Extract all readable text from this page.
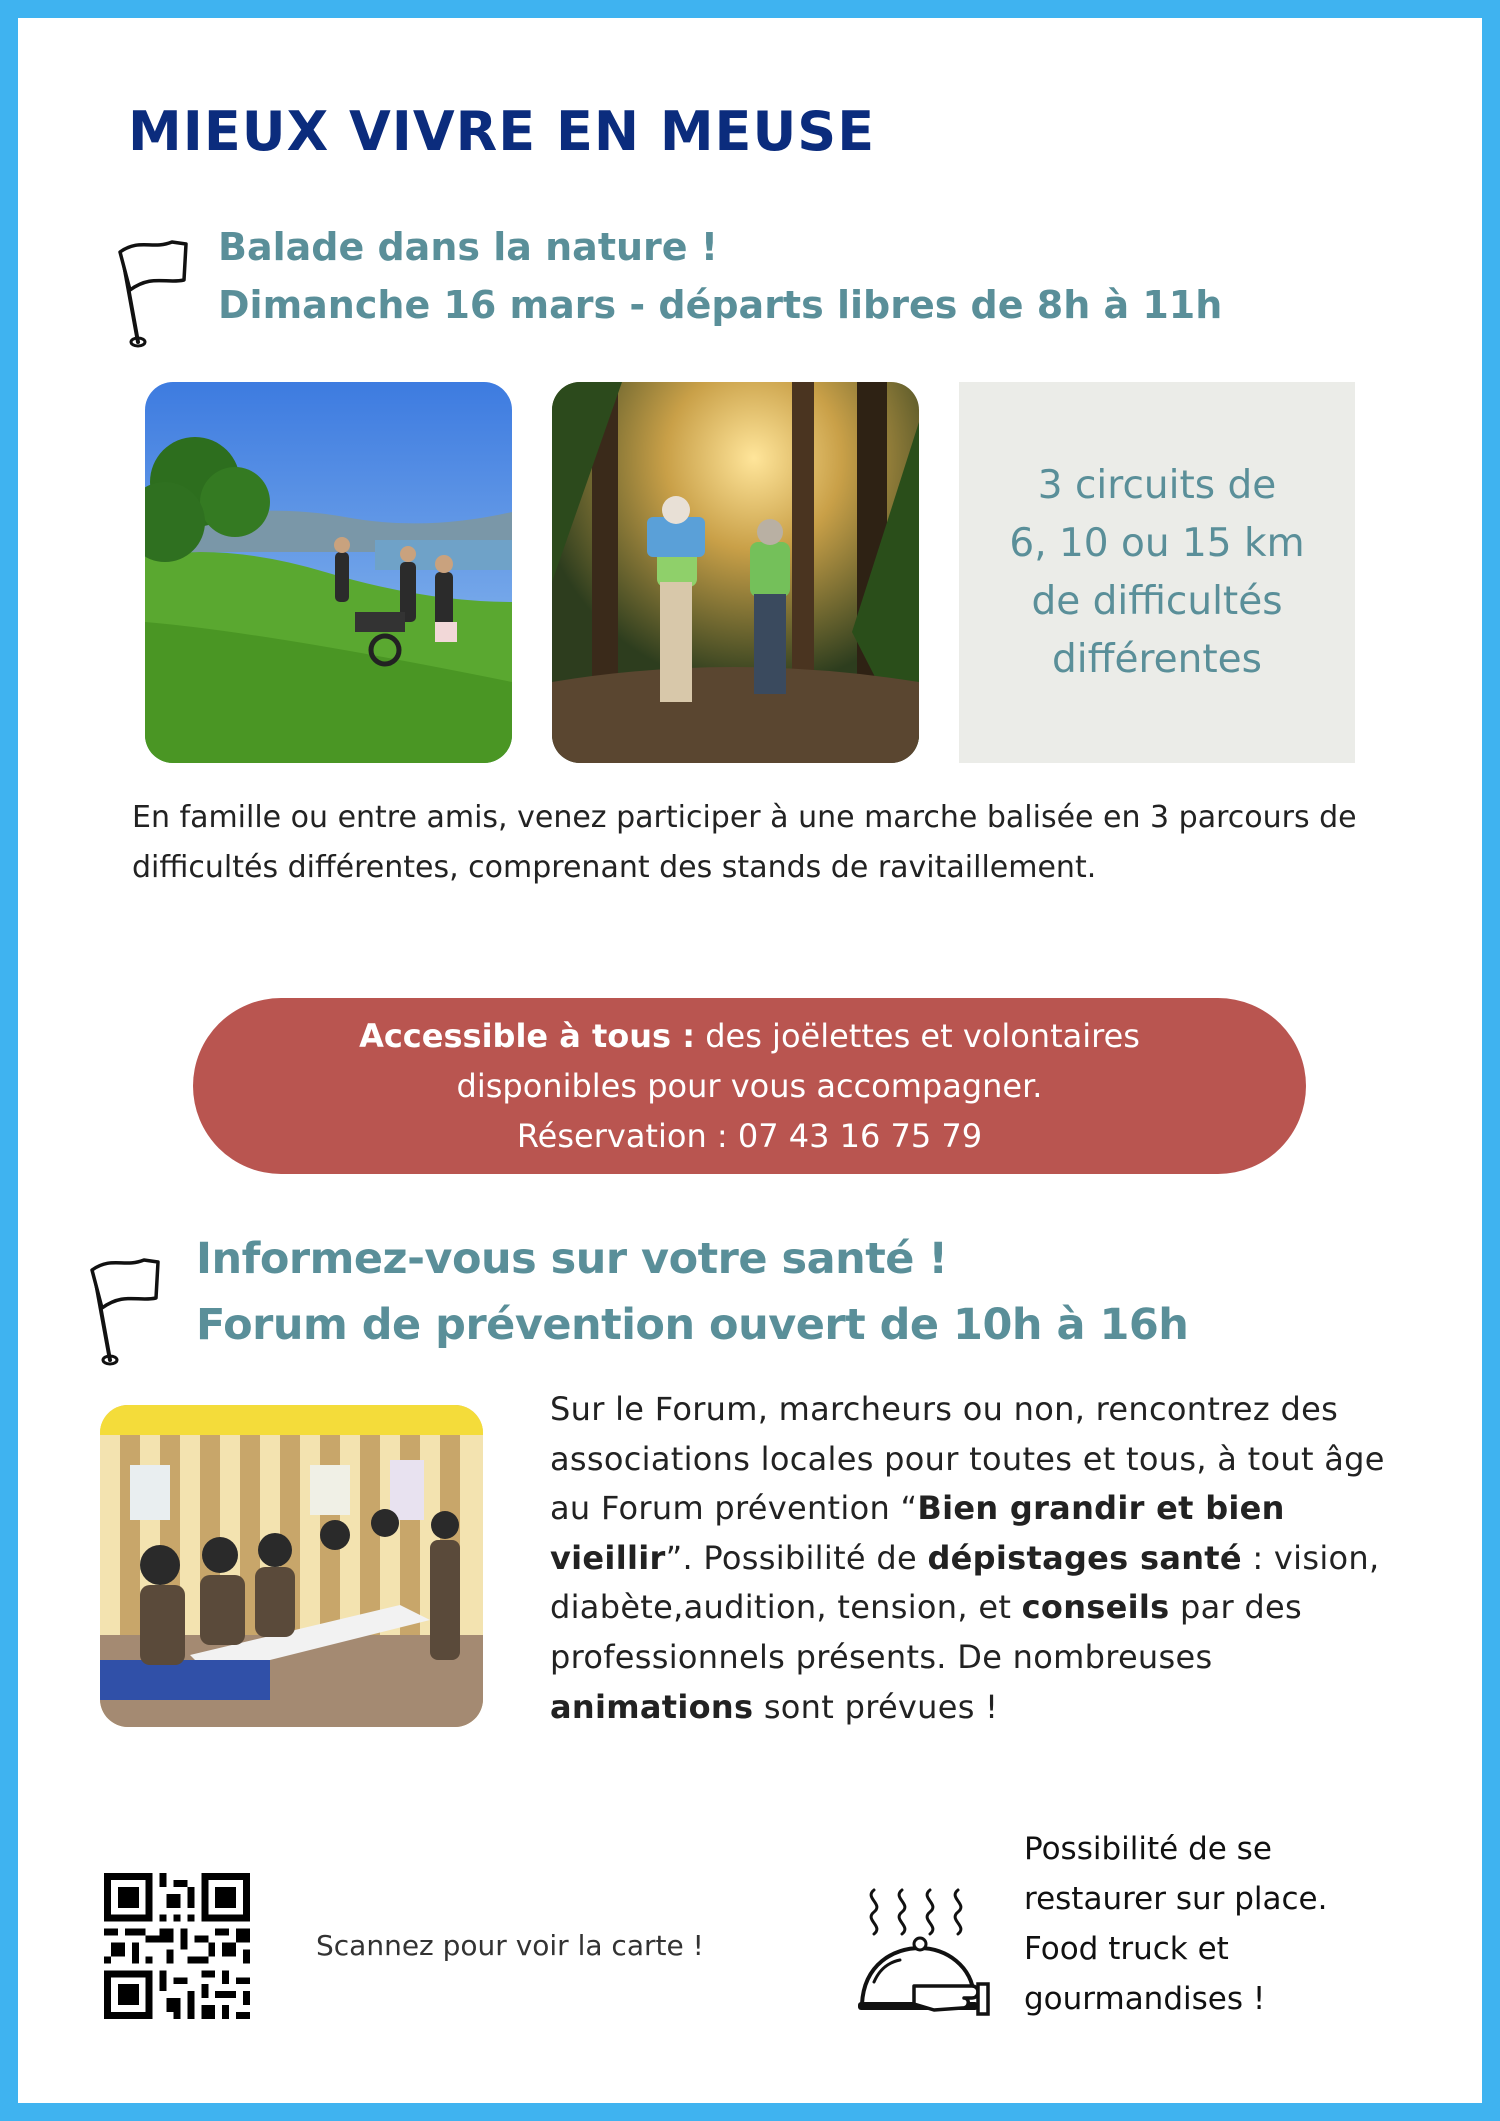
MIEUX VIVRE EN MEUSE
Balade dans la nature !
Dimanche 16 mars - départs libres de 8h à 11h

3 circuits de
6, 10 ou 15 km
de difficultés
différentes

En famille ou entre amis, venez participer à une marche balisée en 3 parcours de difficultés différentes, comprenant des stands de ravitaillement.
Accessible à tous : des joëlettes et volontaires
disponibles pour vous accompagner.
Réservation : 07 43 16 75 79
Informez-vous sur votre santé !
Forum de prévention ouvert de 10h à 16h
Sur le Forum, marcheurs ou non, rencontrez des associations locales pour toutes et tous, à tout âge au Forum prévention “Bien grandir et bien vieillir”. Possibilité de dépistages santé : vision, diabète,audition, tension, et conseils par des professionnels présents. De nombreuses animations sont prévues !
Scannez pour voir la carte !
Possibilité de se
restaurer sur place.
Food truck et
gourmandises !
